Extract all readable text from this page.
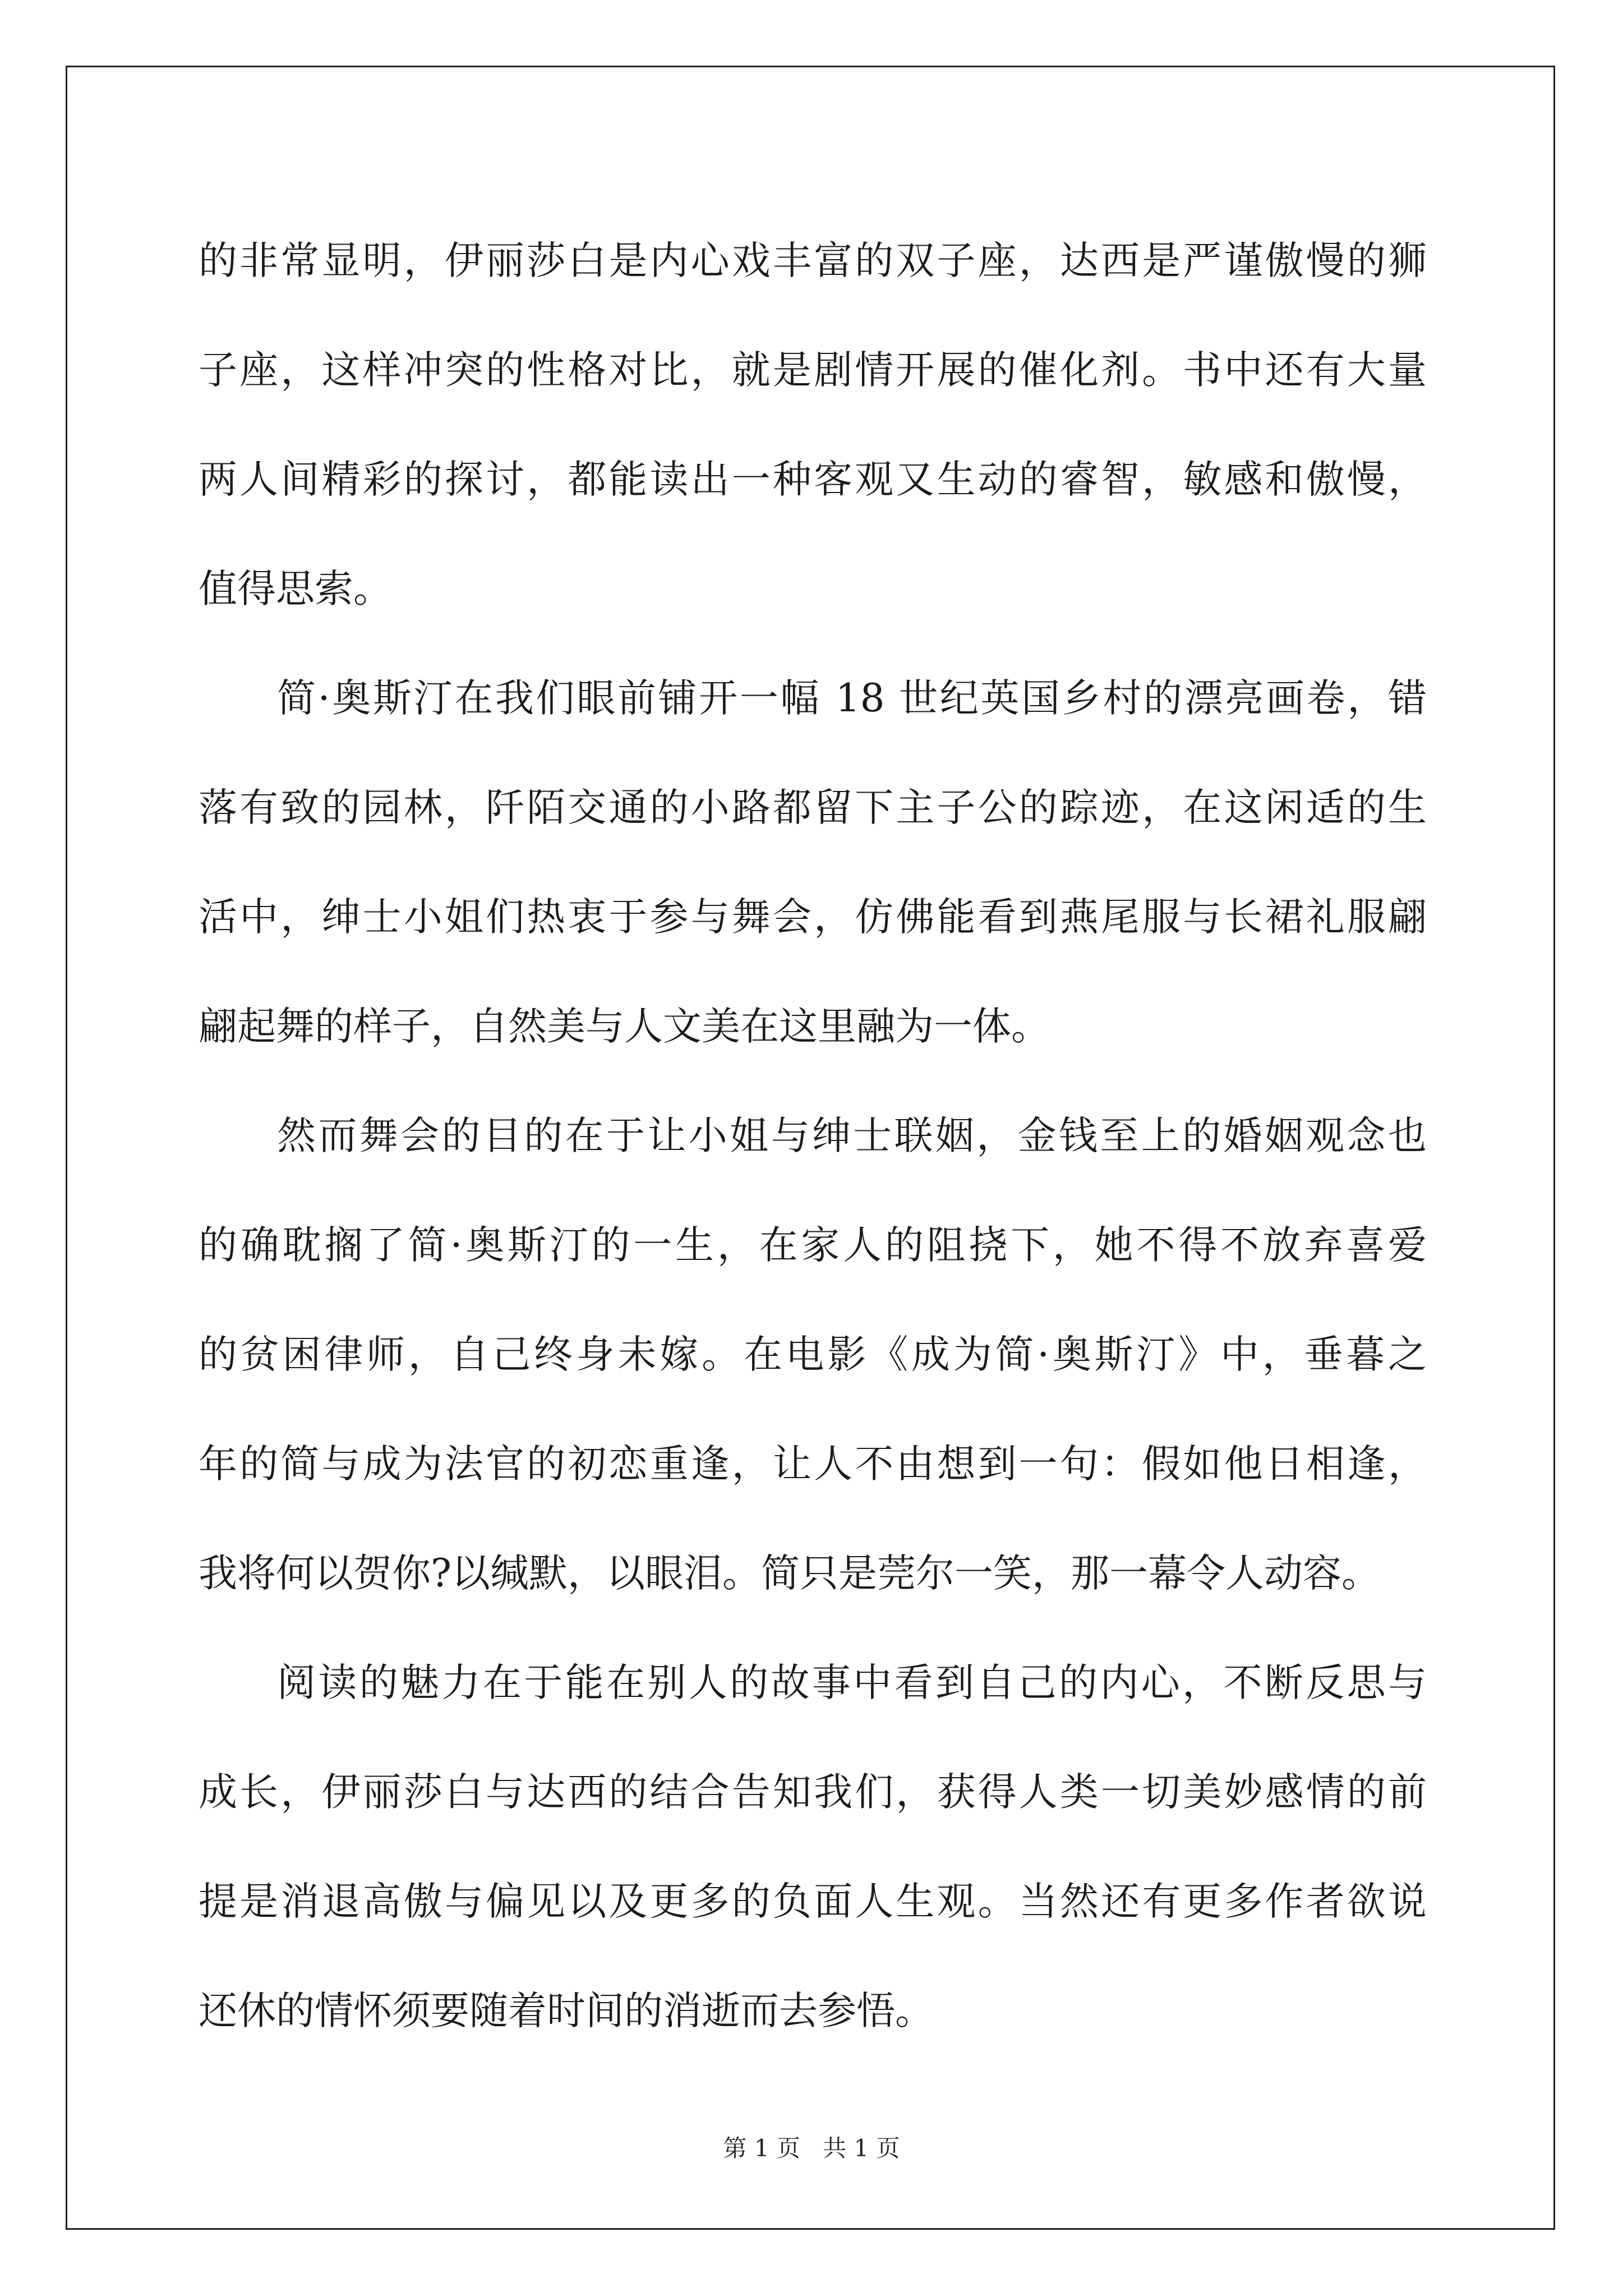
的非常显明，伊丽莎白是内心戏丰富的双子座，达西是严谨傲慢的狮
子座，这样冲突的性格对比，就是剧情开展的催化剂。书中还有大量
两人间精彩的探讨，都能读出一种客观又生动的睿智，敏感和傲慢，
值得思索。
简·奥斯汀在我们眼前铺开一幅 18 世纪英国乡村的漂亮画卷，错
落有致的园林，阡陌交通的小路都留下主子公的踪迹，在这闲适的生
活中，绅士小姐们热衷于参与舞会，仿佛能看到燕尾服与长裙礼服翩
翩起舞的样子，自然美与人文美在这里融为一体。
然而舞会的目的在于让小姐与绅士联姻，金钱至上的婚姻观念也
的确耽搁了简·奥斯汀的一生，在家人的阻挠下，她不得不放弃喜爱
的贫困律师，自己终身未嫁。在电影《成为简·奥斯汀》中，垂暮之
年的简与成为法官的初恋重逢，让人不由想到一句：假如他日相逢，
我将何以贺你?以缄默，以眼泪。简只是莞尔一笑，那一幕令人动容。
阅读的魅力在于能在别人的故事中看到自己的内心，不断反思与
成长，伊丽莎白与达西的结合告知我们，获得人类一切美妙感情的前
提是消退高傲与偏见以及更多的负面人生观。当然还有更多作者欲说
还休的情怀须要随着时间的消逝而去参悟。
第 1 页 共 1 页
